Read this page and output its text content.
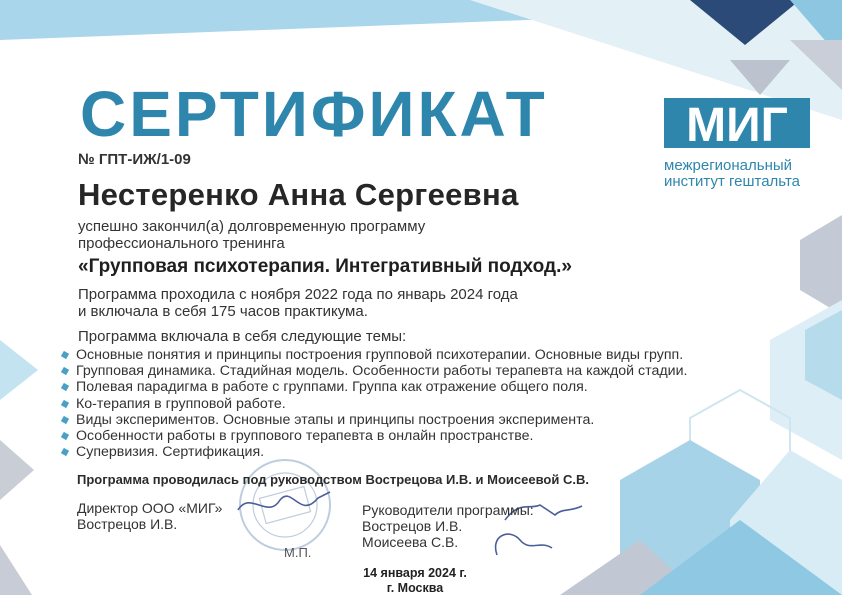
СЕРТИФИКАТ
№ ГПТ-ИЖ/1-09
Нестеренко Анна Сергеевна
успешно закончил(а) долговременную программу
профессионального тренинга
«Групповая психотерапия. Интегративный подход.»
Программа проходила с ноября 2022 года по январь 2024 года
и включала в себя 175 часов практикума.
Программа включала в себя следующие темы:
Основные понятия и принципы построения групповой психотерапии. Основные виды групп.
Групповая динамика. Стадийная модель. Особенности работы терапевта на каждой стадии.
Полевая парадигма в работе с группами. Группа как отражение общего поля.
Ко-терапия в групповой работе.
Виды экспериментов. Основные этапы и принципы построения эксперимента.
Особенности работы в группового терапевта в онлайн пространстве.
Супервизия. Сертификация.
Программа проводилась под руководством Вострецова И.В. и Моисеевой С.В.
Директор ООО «МИГ»
Вострецов И.В.
М.П.
Руководители программы:
Вострецов И.В.
Моисеева С.В.
14 января 2024 г.
г. Москва
МИГ
межрегиональный
институт гештальта
